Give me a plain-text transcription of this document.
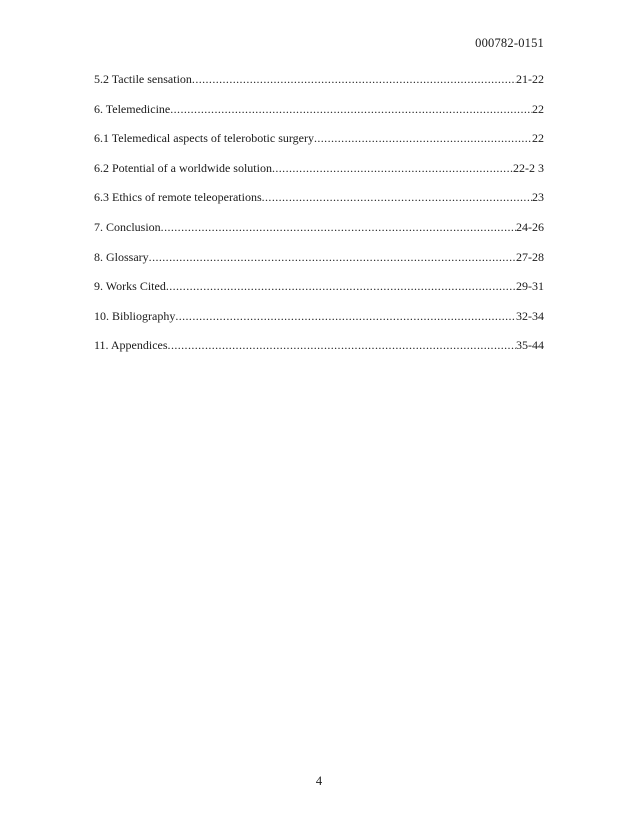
000782-0151
5.2 Tactile sensation .....	21-22
6. Telemedicine .....	22
6.1 Telemedical aspects of telerobotic surgery .....	22
6.2 Potential of a worldwide solution .....	22-2 3
6.3 Ethics of remote teleoperations .....	23
7. Conclusion .....	24-26
8. Glossary .....	27-28
9. Works Cited .....	29-31
10. Bibliography .....	32-34
11. Appendices .....	35-44
4
